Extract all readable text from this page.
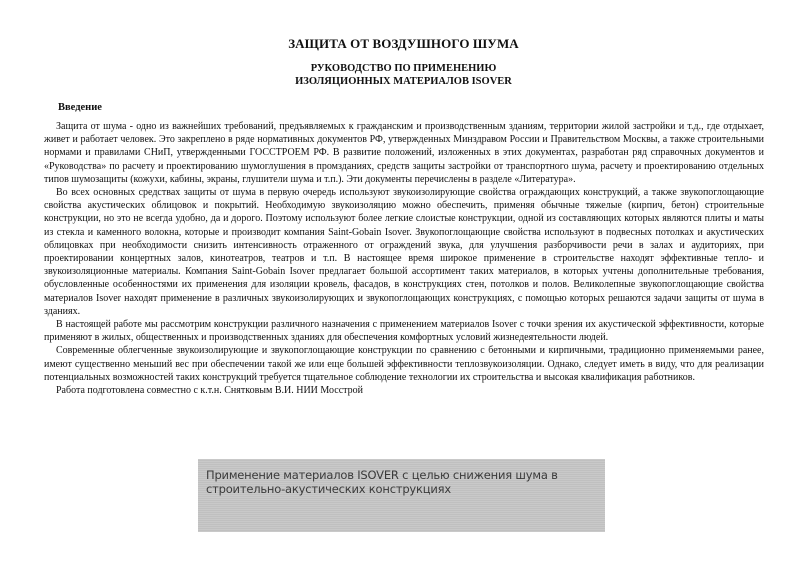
ЗАЩИТА ОТ ВОЗДУШНОГО ШУМА
РУКОВОДСТВО ПО ПРИМЕНЕНИЮ
ИЗОЛЯЦИОННЫХ МАТЕРИАЛОВ ISOVER
Введение

Защита от шума - одно из важнейших требований, предъявляемых к гражданским и производственным зданиям, территории жилой застройки и т.д., где отдыхает, живет и работает человек. Это закреплено в ряде нормативных документов РФ, утвержденных Минздравом России и Правительством Москвы, а также строительными нормами и правилами СНиП, утвержденными ГОССТРОЕМ РФ. В развитие положений, изложенных в этих документах, разработан ряд справочных документов и «Руководства» по расчету и проектированию шумоглушения в промзданиях, средств защиты застройки от транспортного шума, расчету и проектированию отдельных типов шумозащиты (кожухи, кабины, экраны, глушители шума и т.п.). Эти документы перечислены в разделе «Литература».

Во всех основных средствах защиты от шума в первую очередь используют звукоизолирующие свойства ограждающих конструкций, а также звукопоглощающие свойства акустических облицовок и покрытий. Необходимую звукоизоляцию можно обеспечить, применяя обычные тяжелые (кирпич, бетон) строительные конструкции, но это не всегда удобно, да и дорого. Поэтому используют более легкие слоистые конструкции, одной из составляющих которых являются плиты и маты из стекла и каменного волокна, которые и производит компания Saint-Gobain Isover. Звукопоглощающие свойства используют в подвесных потолках и акустических облицовках при необходимости снизить интенсивность отраженного от ограждений звука, для улучшения разборчивости речи в залах и аудиториях, при проектировании концертных залов, кинотеатров, театров и т.п. В настоящее время широкое применение в строительстве находят эффективные тепло- и звукоизоляционные материалы. Компания Saint-Gobain Isover предлагает большой ассортимент таких материалов, в которых учтены дополнительные требования, обусловленные особенностями их применения для изоляции кровель, фасадов, в конструкциях стен, потолков и полов. Великолепные звукопоглощающие свойства материалов Isover находят применение в различных звукоизолирующих и звукопоглощающих конструкциях, с помощью которых решаются задачи защиты от шума в зданиях.

В настоящей работе мы рассмотрим конструкции различного назначения с применением материалов Isover с точки зрения их акустической эффективности, которые применяют в жилых, общественных и производственных зданиях для обеспечения комфортных условий жизнедеятельности людей.

Современные облегченные звукоизолирующие и звукопоглощающие конструкции по сравнению с бетонными и кирпичными, традиционно применяемыми ранее, имеют существенно меньший вес при обеспечении такой же или еще большей эффективности теплозвукоизоляции. Однако, следует иметь в виду, что для реализации потенциальных возможностей таких конструкций требуется тщательное соблюдение технологии их строительства и высокая квалификация работников.

Работа подготовлена совместно с к.т.н. Снятковым В.И. НИИ Мосстрой

Применение материалов ISOVER с целью снижения шума в
строительно-акустических конструкциях
